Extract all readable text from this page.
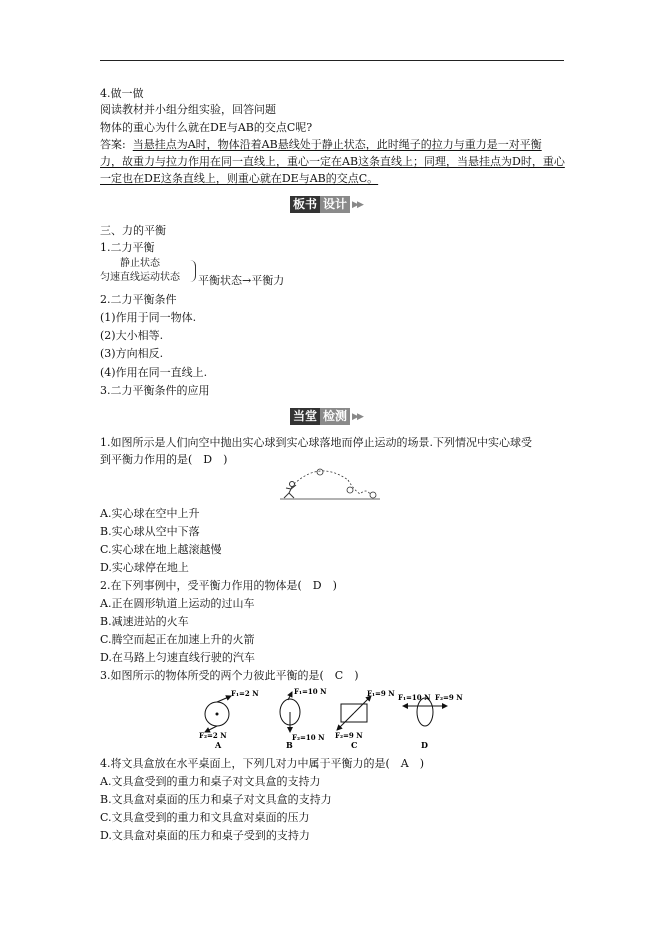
4.做一做
阅读教材并小组分组实验，回答问题
物体的重心为什么就在DE与AB的交点C呢?
答案: 当悬挂点为A时，物体沿着AB悬线处于静止状态，此时绳子的拉力与重力是一对平衡
力，故重力与拉力作用在同一直线上，重心一定在AB这条直线上；同理，当悬挂点为D时，重心
一定也在DE这条直线上，则重心就在DE与AB的交点C。
板书 设计 ▶▶
三、力的平衡
1.二力平衡
静止状态
匀速直线运动状态 平衡状态→平衡力
2.二力平衡条件
(1)作用于同一物体.
(2)大小相等.
(3)方向相反.
(4)作用在同一直线上.
3.二力平衡条件的应用
当堂 检测 ▶▶
1.如图所示是人们向空中抛出实心球到实心球落地而停止运动的场景.下列情况中实心球受
到平衡力作用的是(　D　)
A.实心球在空中上升
B.实心球从空中下落
C.实心球在地上越滚越慢
D.实心球停在地上
2.在下列事例中，受平衡力作用的物体是(　D　)
A.正在圆形轨道上运动的过山车
B.减速进站的火车
C.腾空而起正在加速上升的火箭
D.在马路上匀速直线行驶的汽车
3.如图所示的物体所受的两个力彼此平衡的是(　C　)
F₁=2 N
F₂=2 N
A
F₁=10 N
F₂=10 N
B
F₁=9 N
F₂=9 N
C
F₁=10 N F₂=9 N
D
4.将文具盒放在水平桌面上，下列几对力中属于平衡力的是(　A　)
A.文具盒受到的重力和桌子对文具盒的支持力
B.文具盒对桌面的压力和桌子对文具盒的支持力
C.文具盒受到的重力和文具盒对桌面的压力
D.文具盒对桌面的压力和桌子受到的支持力
